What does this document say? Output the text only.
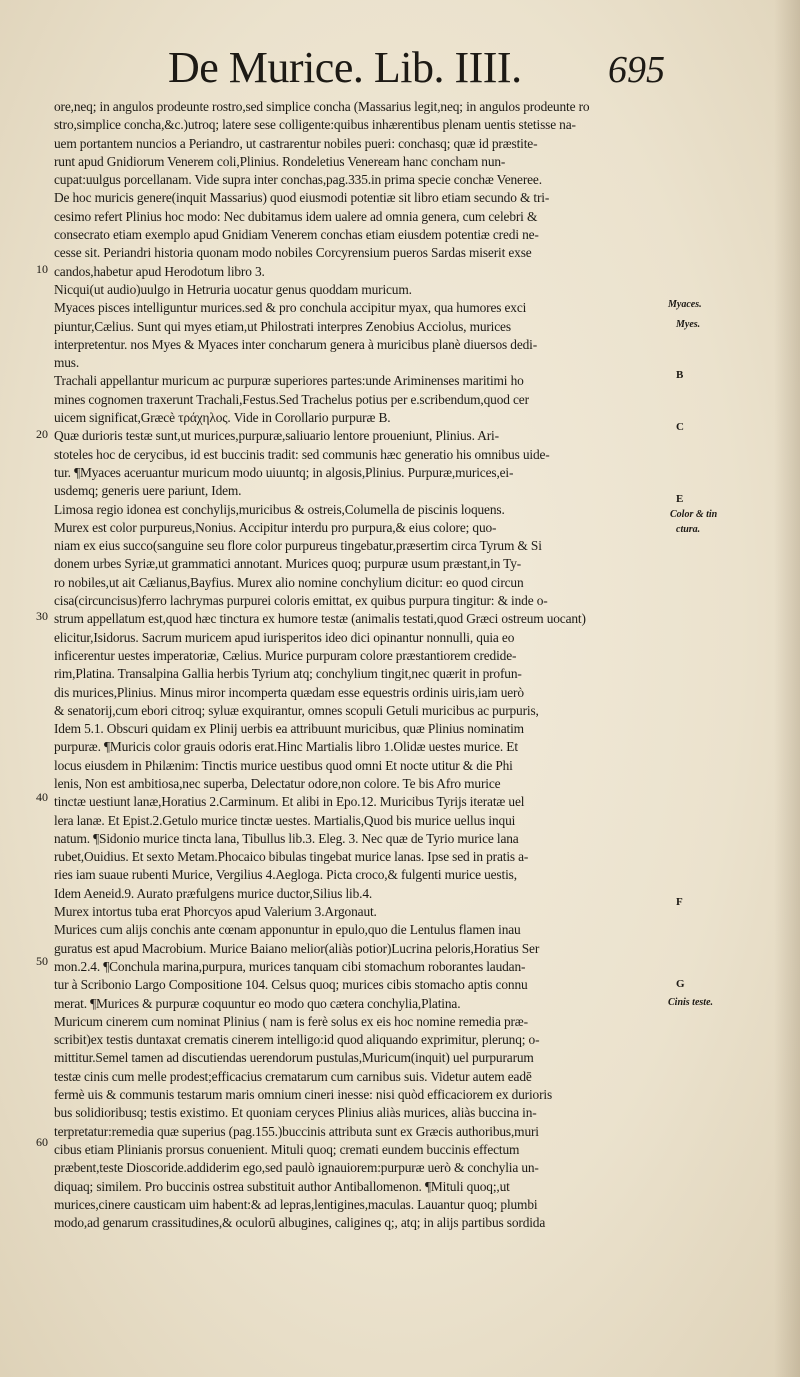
De Murice. Lib. IIII. 695
ore,neq; in angulos prodeunte rostro,sed simplice concha (Massarius legit,neq; in angulos prodeunte ro
stro,simplice concha,&c.)utroq; latere sese colligente:quibus inhærentibus plenam uentis stetisse na-
uem portantem nuncios a Periandro, ut castrarentur nobiles pueri: conchasq; quæ id præstite-
runt apud Gnidiorum Venerem coli,Plinius. Rondeletius Veneream hanc concham nun-
cupat:uulgus porcellanam. Vide supra inter conchas,pag.335.in prima specie conchæ Veneree.
De hoc muricis genere(inquit Massarius) quod eiusmodi potentiæ sit libro etiam secundo & tri-
cesimo refert Plinius hoc modo: Nec dubitamus idem ualere ad omnia genera, cum celebri &
consecrato etiam exemplo apud Gnidiam Venerem conchas etiam eiusdem potentiæ credi ne-
cesse sit. Periandri historia quonam modo nobiles Corcyrensium pueros Sardas miserit exse
candos,habetur apud Herodotum libro 3.
Nicqui(ut audio)uulgo in Hetruria uocatur genus quoddam muricum.
Myaces pisces intelliguntur murices.sed & pro conchula accipitur myax, qua humores exci
piuntur,Cælius. Sunt qui myes etiam,ut Philostrati interpres Zenobius Acciolus, murices
interpretentur. nos Myes & Myaces inter concharum genera à muricibus planè diuersos dedi-
mus.
Trachali appellantur muricum ac purpuræ superiores partes:unde Ariminenses maritimi ho
mines cognomen traxerunt Trachali,Festus.Sed Trachelus potius per e.scribendum,quod cer
uicem significat,Græcè τράχηλος. Vide in Corollario purpuræ B.
Quæ durioris testæ sunt,ut murices,purpuræ,saliuario lentore proueniunt, Plinius. Ari-
stoteles hoc de cerycibus, id est buccinis tradit: sed communis hæc generatio his omnibus uide-
tur. ¶Myaces aceruantur muricum modo uiuuntq; in algosis,Plinius. Purpuræ,murices,ei-
usdemq; generis uere pariunt, Idem.
Limosa regio idonea est conchylijs,muricibus & ostreis,Columella de piscinis loquens.
Murex est color purpureus,Nonius. Accipitur interdu pro purpura,& eius colore; quo-
niam ex eius succo(sanguine seu flore color purpureus tingebatur,præsertim circa Tyrum & Si
donem urbes Syriæ,ut grammatici annotant. Murices quoq; purpuræ usum præstant,in Ty-
ro nobiles,ut ait Cælianus,Bayfius. Murex alio nomine conchylium dicitur: eo quod circun
cisa(circuncisus)ferro lachrymas purpurei coloris emittat, ex quibus purpura tingitur: & inde o-
strum appellatum est,quod hæc tinctura ex humore testæ (animalis testati,quod Græci ostreum uocant)
elicitur,Isidorus. Sacrum muricem apud iurisperitos ideo dici opinantur nonnulli, quia eo
inficerentur uestes imperatoriæ, Cælius. Murice purpuram colore præstantiorem credide-
rim,Platina. Transalpina Gallia herbis Tyrium atq; conchylium tingit,nec quærit in profun-
dis murices,Plinius. Minus miror incomperta quædam esse equestris ordinis uiris,iam uerò
& senatorij,cum ebori citroq; syluæ exquirantur, omnes scopuli Getuli muricibus ac purpuris,
Idem 5.1. Obscuri quidam ex Plinij uerbis ea attribuunt muricibus, quæ Plinius nominatim
purpuræ. ¶Muricis color grauis odoris erat.Hinc Martialis libro 1.Olidæ uestes murice. Et
locus eiusdem in Philænim: Tinctis murice uestibus quod omni Et nocte utitur & die Phi
lenis, Non est ambitiosa,nec superba, Delectatur odore,non colore. Te bis Afro murice
tinctæ uestiunt lanæ,Horatius 2.Carminum. Et alibi in Epo.12. Muricibus Tyrijs iteratæ uel
lera lanæ. Et Epist.2.Getulo murice tinctæ uestes. Martialis,Quod bis murice uellus inqui
natum. ¶Sidonio murice tincta lana, Tibullus lib.3. Eleg. 3. Nec quæ de Tyrio murice lana
rubet,Ouidius. Et sexto Metam.Phocaico bibulas tingebat murice lanas. Ipse sed in pratis a-
ries iam suaue rubenti Murice, Vergilius 4.Aegloga. Picta croco,& fulgenti murice uestis,
Idem Aeneid.9. Aurato præfulgens murice ductor,Silius lib.4.
Murex intortus tuba erat Phorcyos apud Valerium 3.Argonaut.
Murices cum alijs conchis ante cœnam apponuntur in epulo,quo die Lentulus flamen inau
guratus est apud Macrobium. Murice Baiano melior(aliàs potior)Lucrina peloris,Horatius Ser
mon.2.4. ¶Conchula marina,purpura, murices tanquam cibi stomachum roborantes laudan-
tur à Scribonio Largo Compositione 104. Celsus quoq; murices cibis stomacho aptis connu
merat. ¶Murices & purpuræ coquuntur eo modo quo cætera conchylia,Platina.
Muricum cinerem cum nominat Plinius ( nam is ferè solus ex eis hoc nomine remedia præ-
scribit)ex testis duntaxat crematis cinerem intelligo:id quod aliquando exprimitur, plerunq; o-
mittitur.Semel tamen ad discutiendas uerendorum pustulas,Muricum(inquit) uel purpurarum
testæ cinis cum melle prodest;efficacius crematarum cum carnibus suis. Videtur autem eadē
fermè uis & communis testarum maris omnium cineri inesse: nisi quòd efficaciorem ex durioris
bus solidioribusq; testis existimo. Et quoniam ceryces Plinius aliàs murices, aliàs buccina in-
terpretatur:remedia quæ superius (pag.155.)buccinis attributa sunt ex Græcis authoribus,muri
cibus etiam Plinianis prorsus conuenient. Mituli quoq; cremati eundem buccinis effectum
præbent,teste Dioscoride.addiderim ego,sed paulò ignauiorem:purpuræ uerò & conchylia un-
diquaq; similem. Pro buccinis ostrea substituit author Antiballomenon. ¶Mituli quoq;,ut
murices,cinere causticam uim habent:& ad lepras,lentigines,maculas. Lauantur quoq; plumbi
modo,ad genarum crassitudines,& oculorū albugines, caligines q;, atq; in alijs partibus sordida
10
20
30
40
50
60
B
C
E
F
G
Myaces.
Myes.
Color & tin
ctura.
Cinis teste.
